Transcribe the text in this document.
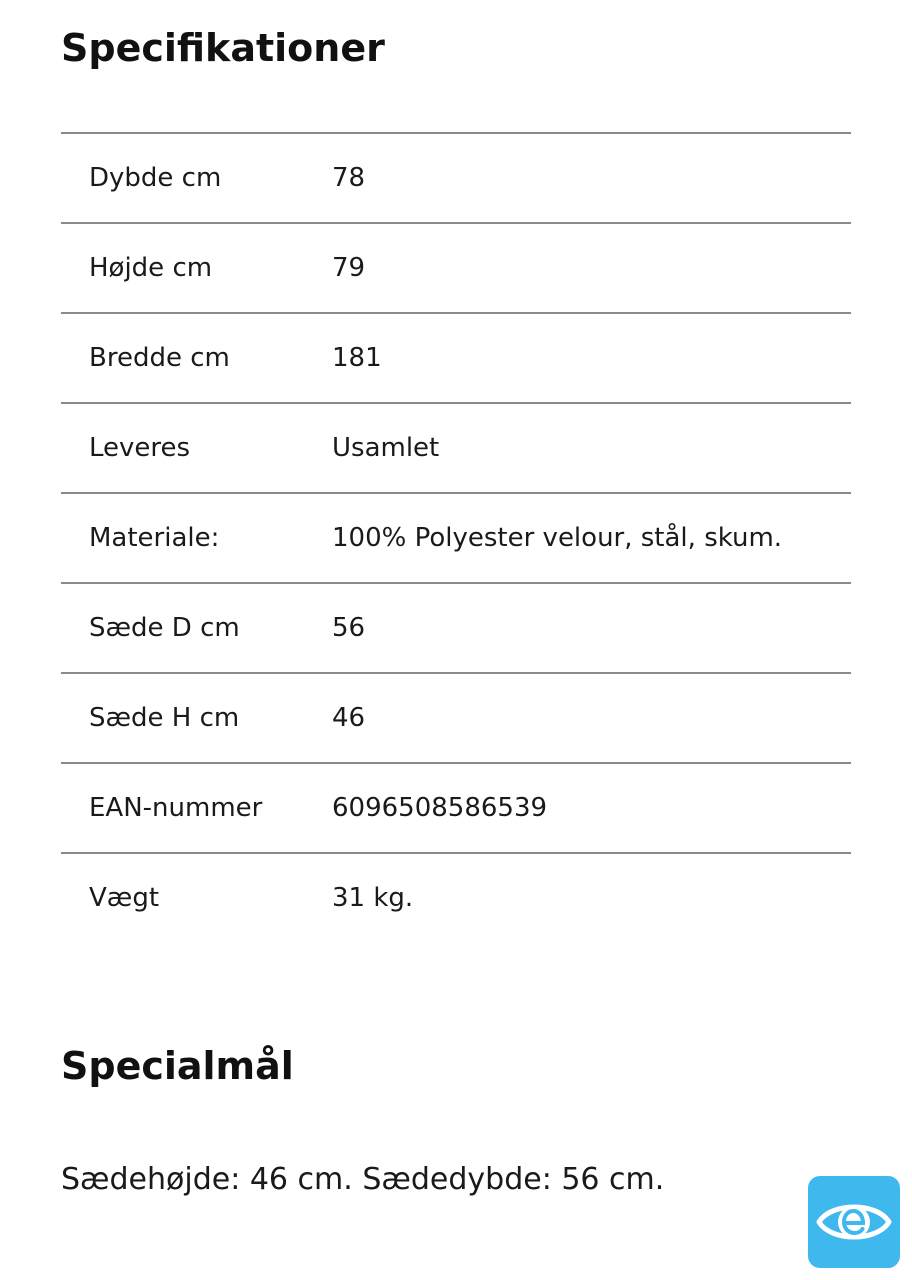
Specifikationer
Dybde cm	78
Højde cm	79
Bredde cm	181
Leveres	Usamlet
Materiale:	100% Polyester velour, stål, skum.
Sæde D cm	56
Sæde H cm	46
EAN-nummer	6096508586539
Vægt	31 kg.
Specialmål
Sædehøjde: 46 cm. Sædedybde: 56 cm.
